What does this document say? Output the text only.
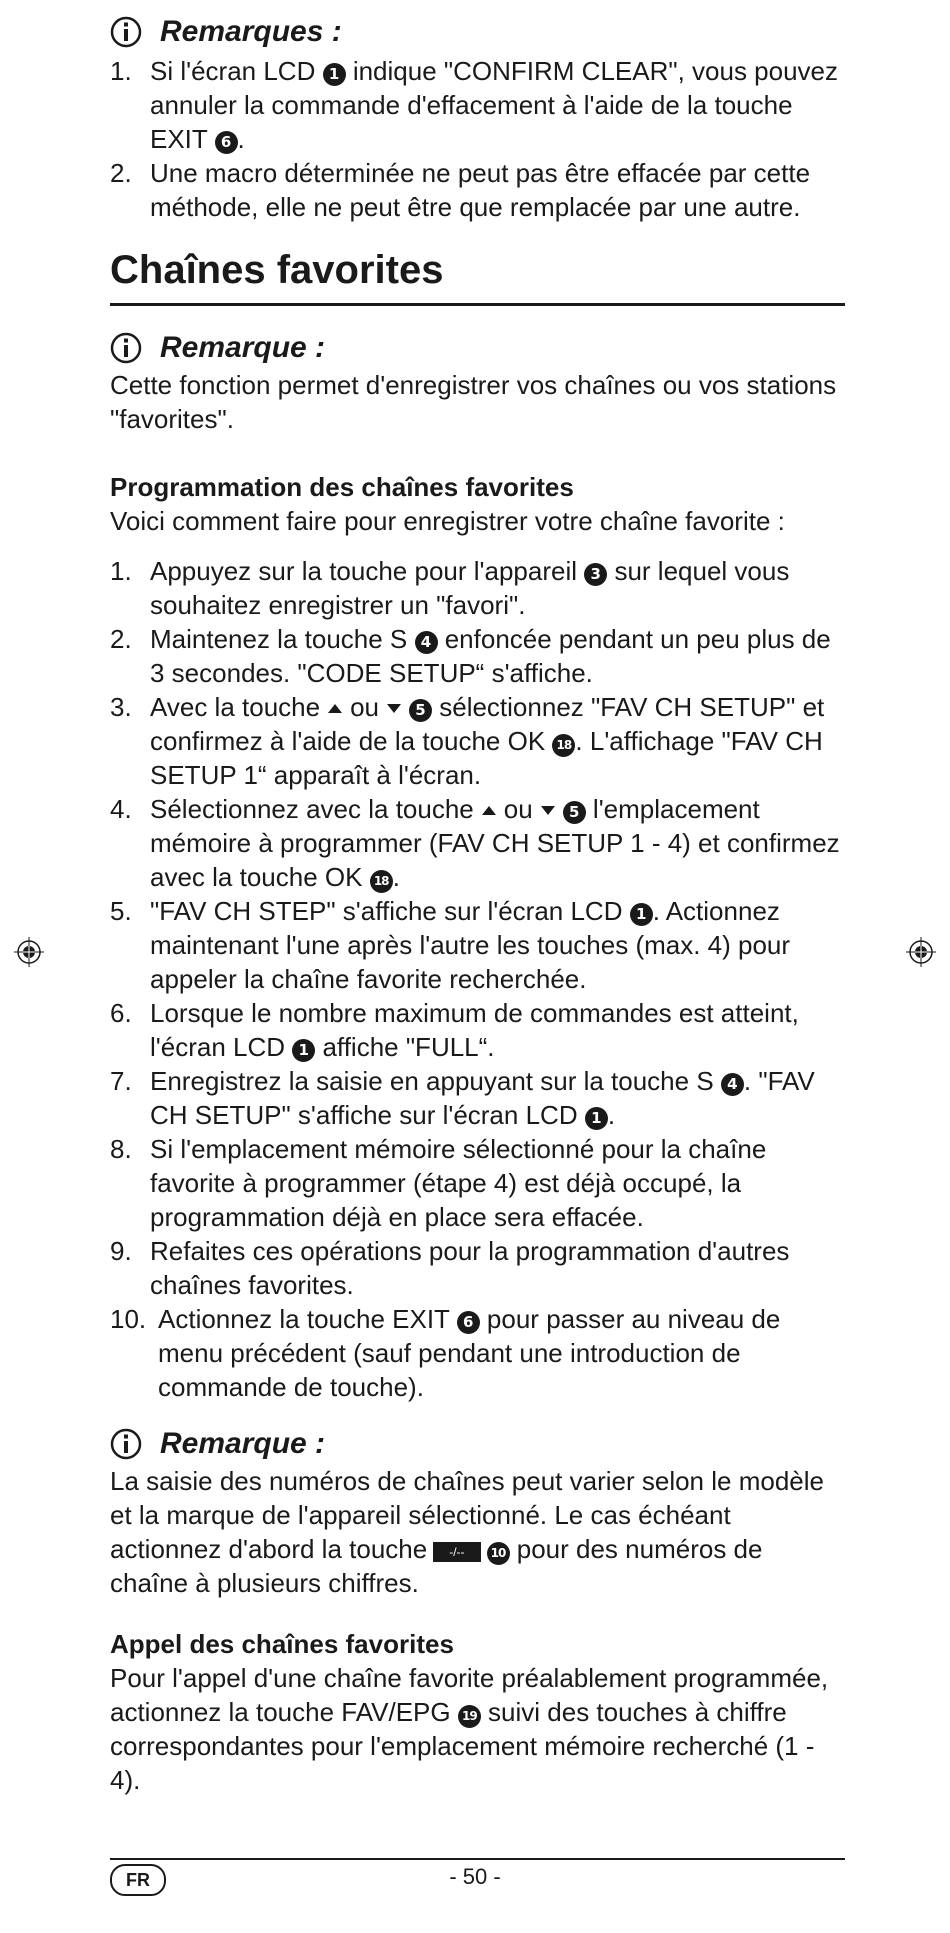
Remarques :
1. Si l'écran LCD 1 indique "CONFIRM CLEAR", vous pouvez annuler la commande d'effacement à l'aide de la touche EXIT 6 .
2. Une macro déterminée ne peut pas être effacée par cette méthode, elle ne peut être que remplacée par une autre.
Chaînes favorites
Remarque :
Cette fonction permet d'enregistrer vos chaînes ou vos stations "favorites".
Programmation des chaînes favorites
Voici comment faire pour enregistrer votre chaîne favorite :
1. Appuyez sur la touche pour l'appareil 3 sur lequel vous souhaitez enregistrer un "favori".
2. Maintenez la touche S 4 enfoncée pendant un peu plus de 3 secondes. "CODE SETUP“ s'affiche.
3. Avec la touche ou 5 sélectionnez "FAV CH SETUP" et confirmez à l'aide de la touche OK 18 . L'affichage "FAV CH SETUP 1“ apparaît à l'écran.
4. Sélectionnez avec la touche ou 5 l'emplacement mémoire à programmer (FAV CH SETUP 1 - 4) et confirmez avec la touche OK 18 .
5. "FAV CH STEP" s'affiche sur l'écran LCD 1 . Actionnez maintenant l'une après l'autre les touches (max. 4) pour appeler la chaîne favorite recherchée.
6. Lorsque le nombre maximum de commandes est atteint, l'écran LCD 1 affiche "FULL“.
7. Enregistrez la saisie en appuyant sur la touche S 4 . "FAV CH SETUP" s'affiche sur l'écran LCD 1 .
8. Si l'emplacement mémoire sélectionné pour la chaîne favorite à programmer (étape 4) est déjà occupé, la programmation déjà en place sera effacée.
9. Refaites ces opérations pour la programmation d'autres chaînes favorites.
10. Actionnez la touche EXIT 6 pour passer au niveau de menu précédent (sauf pendant une introduction de commande de touche).
Remarque :
La saisie des numéros de chaînes peut varier selon le modèle et la marque de l'appareil sélectionné. Le cas échéant actionnez d'abord la touche -/-- 10 pour des numéros de chaîne à plusieurs chiffres.
Appel des chaînes favorites
Pour l'appel d'une chaîne favorite préalablement programmée, actionnez la touche FAV/EPG 19 suivi des touches à chiffre correspondantes pour l'emplacement mémoire recherché (1 - 4).
FR	- 50 -
